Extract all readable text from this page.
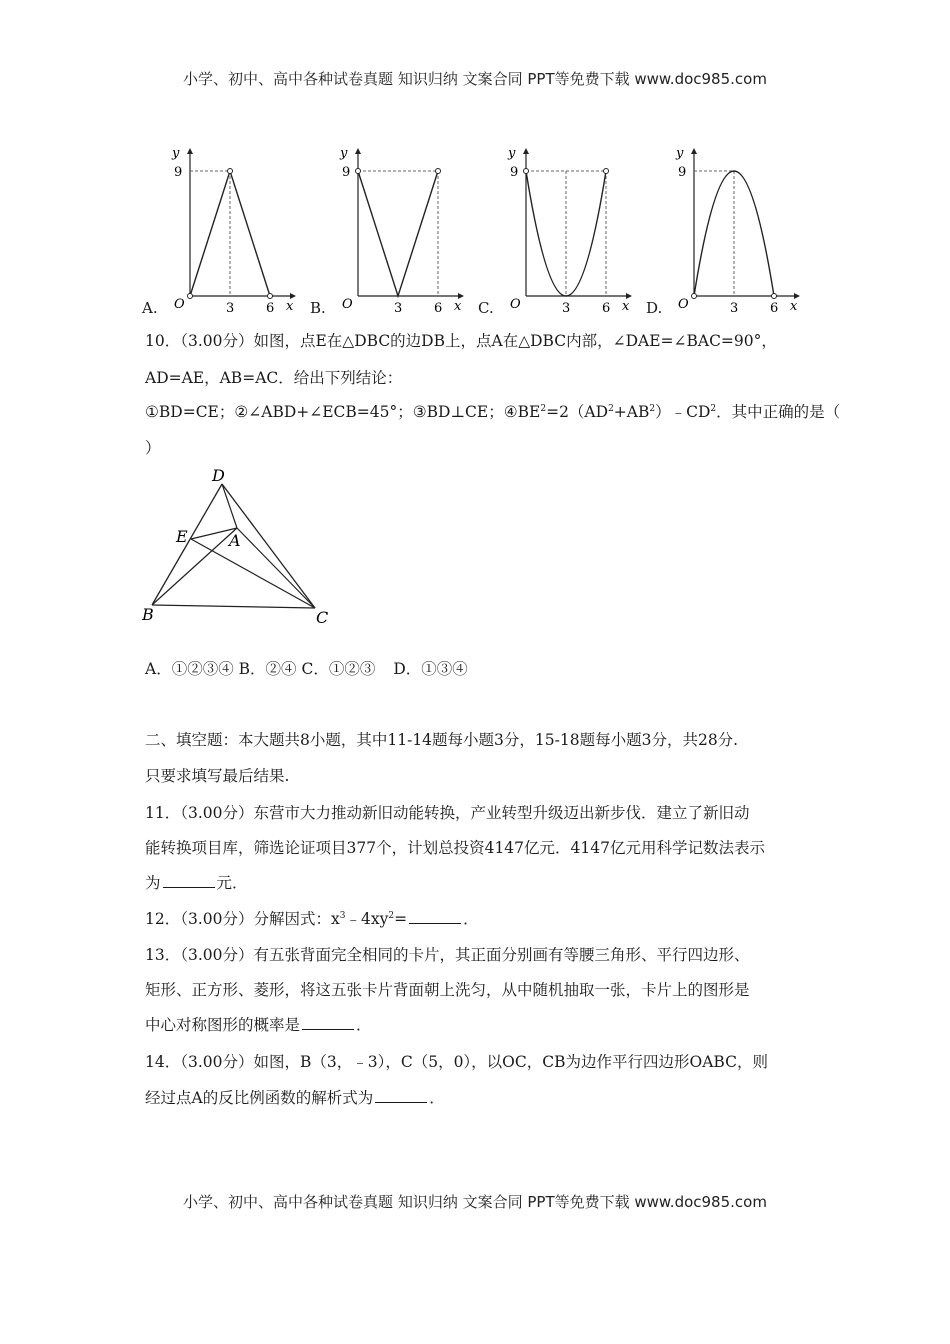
小学、初中、高中各种试卷真题 知识归纳 文案合同 PPT等免费下载 www.doc985.com
A.
y
9
O	3 6 x B.
y
9
O	3 6 x C.
y
9
O	3 6 x D.
y
9
O	3 6 x
10．（3.00分）如图，点E在△DBC的边DB上，点A在△DBC内部，∠DAE=∠BAC=90°，
AD=AE，AB=AC．给出下列结论：
①BD=CE；②∠ABD+∠ECB=45°；③BD⊥CE；$④BE^2=2(AD^2+AB^2)﹣CD^2$．其中正确的是（
）
D
E	A
B	C
A．①②③④ B．②④ C．①②③ D．①③④
二、填空题：本大题共8小题，其中11-14题每小题3分，15-18题每小题3分，共28分.
只要求填写最后结果.
11．（3.00分）东营市大力推动新旧动能转换，产业转型升级迈出新步伐．建立了新旧动
能转换项目库，筛选论证项目377个，计划总投资4147亿元．4147亿元用科学记数法表示
为	元．
12．（3.00分）分解因式：$x^3﹣4xy^2=$	．
13．（3.00分）有五张背面完全相同的卡片，其正面分别画有等腰三角形、平行四边形、
矩形、正方形、菱形，将这五张卡片背面朝上洗匀，从中随机抽取一张，卡片上的图形是
中心对称图形的概率是	．
14．（3.00分）如图，B（3，﹣3），C（5，0），以OC，CB为边作平行四边形OABC，则
经过点A的反比例函数的解析式为	．
小学、初中、高中各种试卷真题 知识归纳 文案合同 PPT等免费下载 www.doc985.com
